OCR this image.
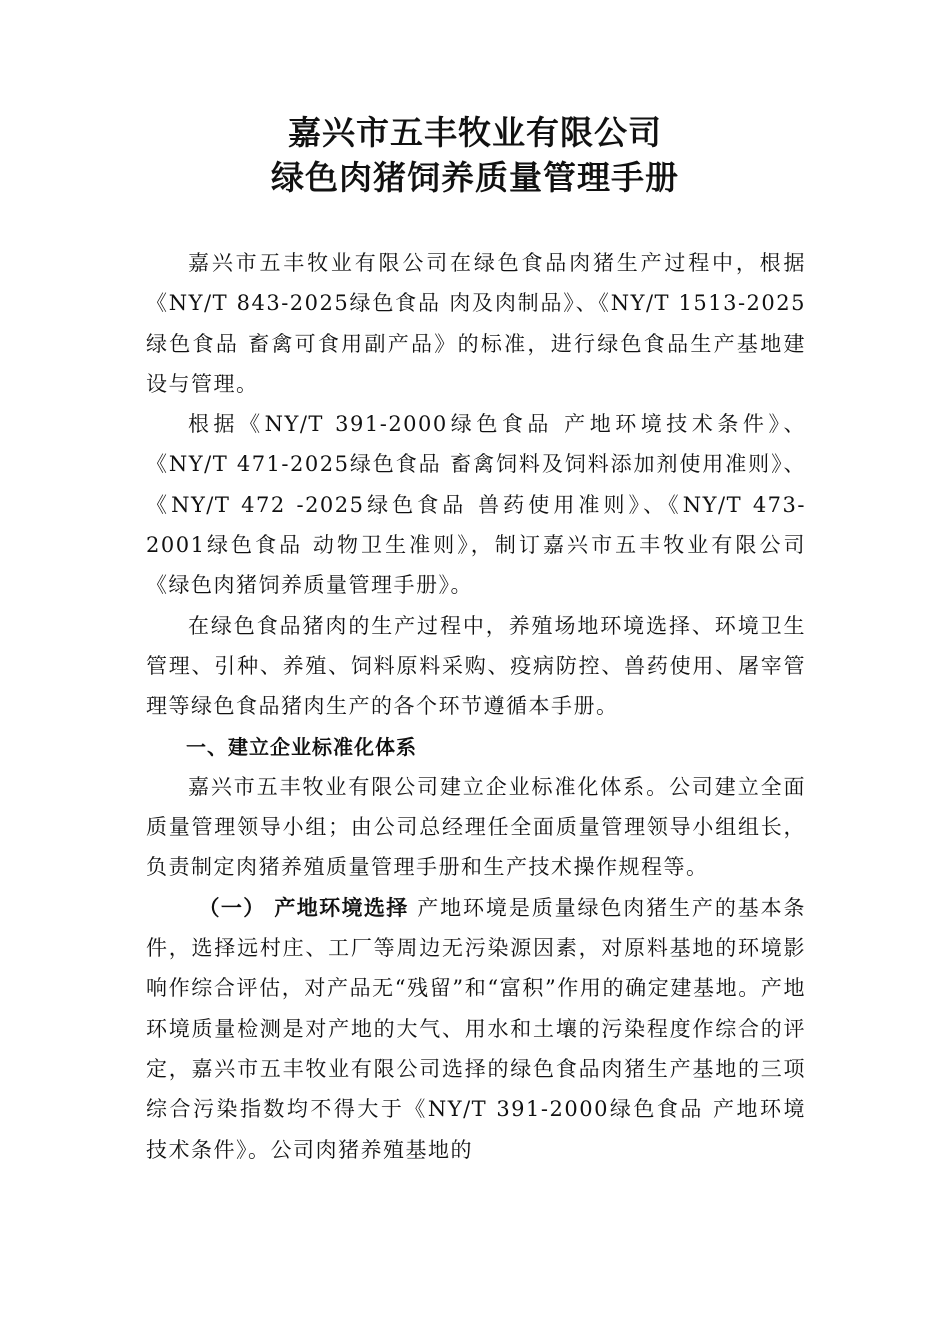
嘉兴市五丰牧业有限公司
绿色肉猪饲养质量管理手册

嘉兴市五丰牧业有限公司在绿色食品肉猪生产过程中，根据《NY/T 843-2025绿色食品 肉及肉制品》、《NY/T 1513-2025 绿色食品 畜禽可食用副产品》的标准，进行绿色食品生产基地建设与管理。

根据《NY/T 391-2000绿色食品 产地环境技术条件》、《NY/T 471-2025绿色食品 畜禽饲料及饲料添加剂使用准则》、《NY/T 472 -2025绿色食品 兽药使用准则》、《NY/T 473-2001绿色食品 动物卫生准则》，制订嘉兴市五丰牧业有限公司《绿色肉猪饲养质量管理手册》。

在绿色食品猪肉的生产过程中，养殖场地环境选择、环境卫生管理、引种、养殖、饲料原料采购、疫病防控、兽药使用、屠宰管理等绿色食品猪肉生产的各个环节遵循本手册。

一、建立企业标准化体系

嘉兴市五丰牧业有限公司建立企业标准化体系。公司建立全面质量管理领导小组；由公司总经理任全面质量管理领导小组组长，负责制定肉猪养殖质量管理手册和生产技术操作规程等。

（一） 产地环境选择 产地环境是质量绿色肉猪生产的基本条件，选择远村庄、工厂等周边无污染源因素，对原料基地的环境影响作综合评估，对产品无“残留”和“富积”作用的确定建基地。产地环境质量检测是对产地的大气、用水和土壤的污染程度作综合的评定，嘉兴市五丰牧业有限公司选择的绿色食品肉猪生产基地的三项综合污染指数均不得大于《NY/T 391-2000绿色食品 产地环境技术条件》。公司肉猪养殖基地的
